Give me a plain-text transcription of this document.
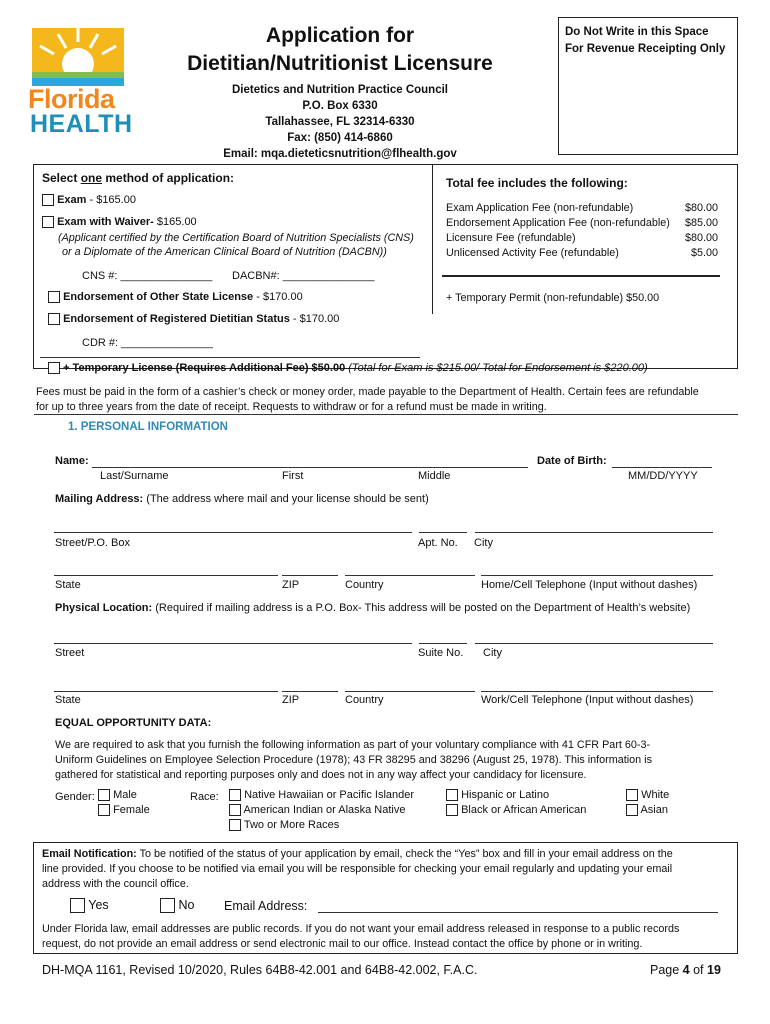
Florida
HEALTH
Application for
Dietitian/Nutritionist Licensure
Dietetics and Nutrition Practice Council
P.O. Box 6330
Tallahassee, FL 32314-6330
Fax: (850) 414-6860
Email: mqa.dieteticsnutrition@flhealth.gov
Do Not Write in this Space
For Revenue Receipting Only
Select one method of application:
Exam - $165.00
Exam with Waiver- $165.00
(Applicant certified by the Certification Board of Nutrition Specialists (CNS)
or a Diplomate of the American Clinical Board of Nutrition (DACBN))
CNS #: _______________ DACBN#: _______________
Endorsement of Other State License - $170.00
Endorsement of Registered Dietitian Status - $170.00
CDR #: _______________
+ Temporary License (Requires Additional Fee) $50.00 (Total for Exam is $215.00/ Total for Endorsement is $220.00)
Total fee includes the following:
Exam Application Fee (non-refundable)	$80.00
Endorsement Application Fee (non-refundable) $85.00
Licensure Fee (refundable)	$80.00
Unlicensed Activity Fee (refundable)	$5.00
+ Temporary Permit (non-refundable) $50.00
Fees must be paid in the form of a cashier’s check or money order, made payable to the Department of Health. Certain fees are refundable
for up to three years from the date of receipt. Requests to withdraw or for a refund must be made in writing.
1. PERSONAL INFORMATION
Name:	Date of Birth:
Last/Surname	First	Middle	MM/DD/YYYY
Mailing Address: (The address where mail and your license should be sent)
Street/P.O. Box	Apt. No. City
State	ZIP	Country	Home/Cell Telephone (Input without dashes)
Physical Location: (Required if mailing address is a P.O. Box- This address will be posted on the Department of Health’s website)
Street	Suite No. City
State	ZIP	Country	Work/Cell Telephone (Input without dashes)
EQUAL OPPORTUNITY DATA:
We are required to ask that you furnish the following information as part of your voluntary compliance with 41 CFR Part 60-3-
Uniform Guidelines on Employee Selection Procedure (1978); 43 FR 38295 and 38296 (August 25, 1978). This information is
gathered for statistical and reporting purposes only and does not in any way affect your candidacy for licensure.
Gender:	Male
Female
Race:	Native Hawaiian or Pacific Islander
American Indian or Alaska Native
Two or More Races
Hispanic or Latino
Black or African American
White
Asian
Email Notification: To be notified of the status of your application by email, check the “Yes” box and fill in your email address on the
line provided. If you choose to be notified via email you will be responsible for checking your email regularly and updating your email
address with the council office.
Yes	No Email Address:
Under Florida law, email addresses are public records. If you do not want your email address released in response to a public records
request, do not provide an email address or send electronic mail to our office. Instead contact the office by phone or in writing.
DH-MQA 1161, Revised 10/2020, Rules 64B8-42.001 and 64B8-42.002, F.A.C.	Page 4 of 19
